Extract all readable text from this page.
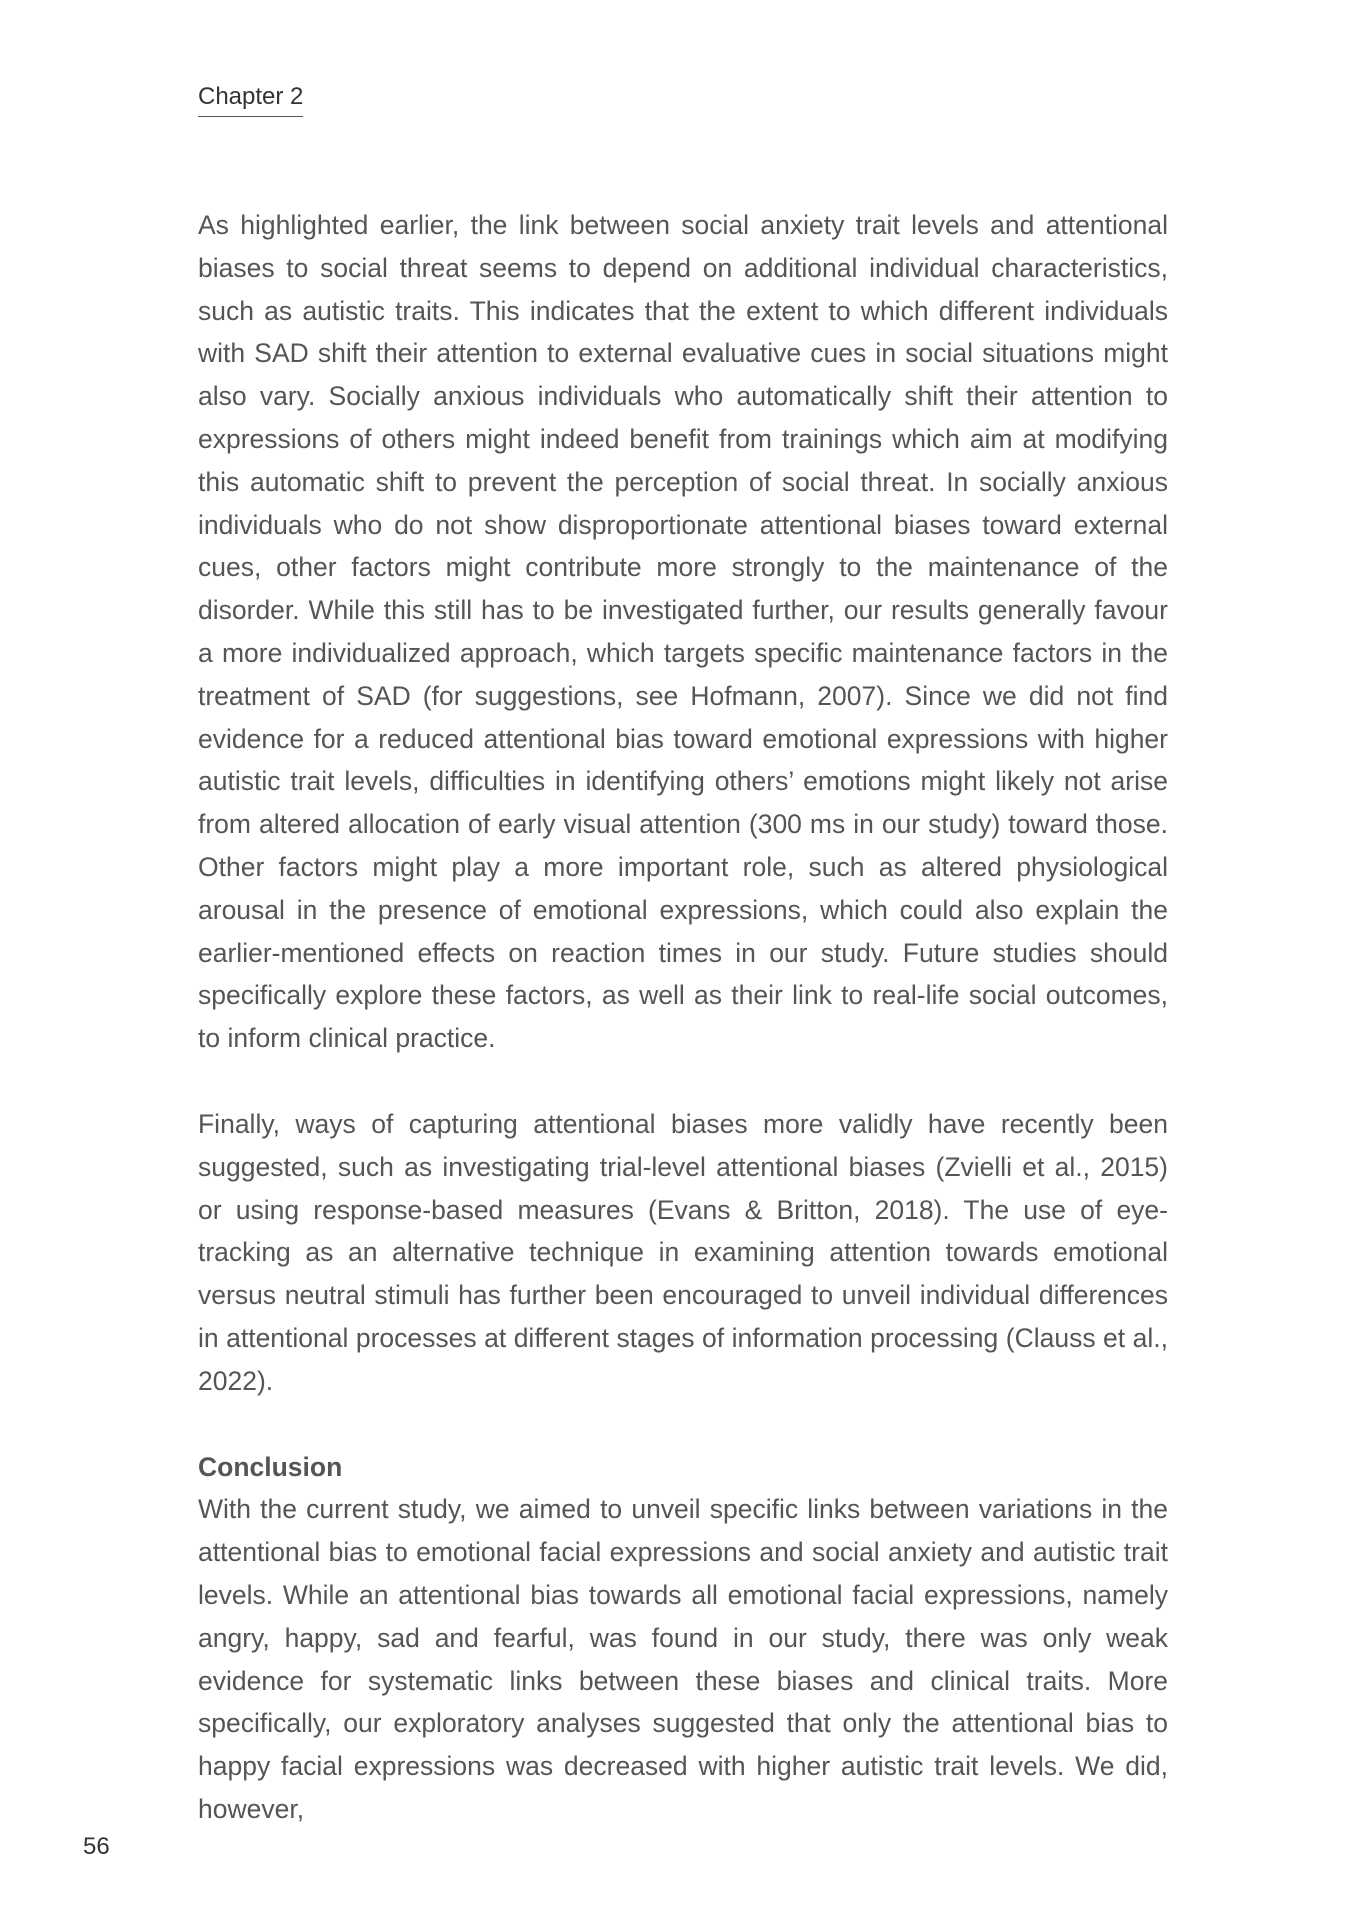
Chapter 2

As highlighted earlier, the link between social anxiety trait levels and attentional biases to social threat seems to depend on additional individual characteristics, such as autistic traits. This indicates that the extent to which different individuals with SAD shift their attention to external evaluative cues in social situations might also vary. Socially anxious individuals who automatically shift their attention to expressions of others might indeed benefit from trainings which aim at modifying this automatic shift to prevent the perception of social threat. In socially anxious individuals who do not show disproportionate attentional biases toward external cues, other factors might contribute more strongly to the maintenance of the disorder. While this still has to be investigated further, our results generally favour a more individualized approach, which targets specific maintenance factors in the treatment of SAD (for suggestions, see Hofmann, 2007). Since we did not find evidence for a reduced attentional bias toward emotional expressions with higher autistic trait levels, difficulties in identifying others’ emotions might likely not arise from altered allocation of early visual attention (300 ms in our study) toward those. Other factors might play a more important role, such as altered physiological arousal in the presence of emotional expressions, which could also explain the earlier-mentioned effects on reaction times in our study. Future studies should specifically explore these factors, as well as their link to real-life social outcomes, to inform clinical practice.

Finally, ways of capturing attentional biases more validly have recently been suggested, such as investigating trial-level attentional biases (Zvielli et al., 2015) or using response-based measures (Evans & Britton, 2018). The use of eye-tracking as an alternative technique in examining attention towards emotional versus neutral stimuli has further been encouraged to unveil individual differences in attentional processes at different stages of information processing (Clauss et al., 2022).

Conclusion

With the current study, we aimed to unveil specific links between variations in the attentional bias to emotional facial expressions and social anxiety and autistic trait levels. While an attentional bias towards all emotional facial expressions, namely angry, happy, sad and fearful, was found in our study, there was only weak evidence for systematic links between these biases and clinical traits. More specifically, our exploratory analyses suggested that only the attentional bias to happy facial expressions was decreased with higher autistic trait levels. We did, however,

56
